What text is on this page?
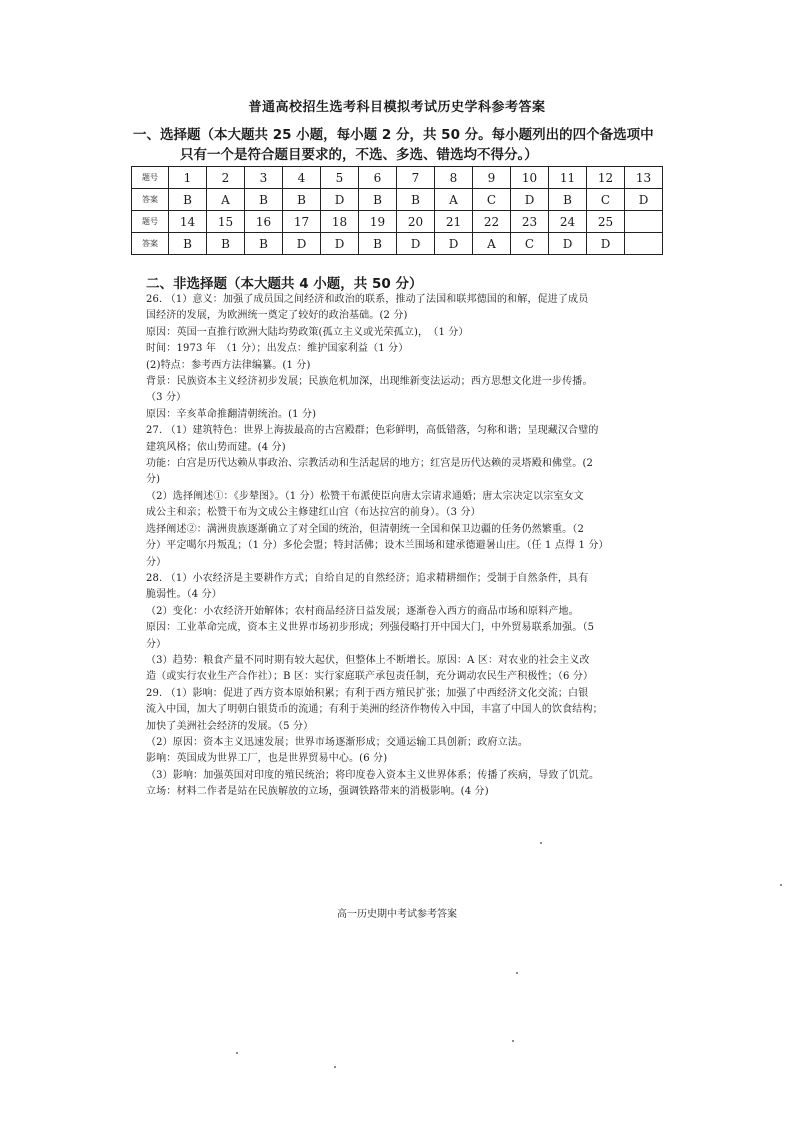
普通高校招生选考科目模拟考试历史学科参考答案
一、选择题（本大题共 25 小题，每小题 2 分，共 50 分。每小题列出的四个备选项中
只有一个是符合题目要求的，不选、多选、错选均不得分。）
题号	1	2	3	4	5	6	7	8	9	10	11	12	13
答案	B	A	B	B	D	B	B	A	C	D	B	C	D
题号	14	15	16	17	18	19	20	21	22	23	24	25	
答案	B	B	B	D	D	B	D	D	A	C	D	D	
二、非选择题（本大题共 4 小题，共 50 分）

26. （1）意义：加强了成员国之间经济和政治的联系，推动了法国和联邦德国的和解，促进了成员

国经济的发展，为欧洲统一奠定了较好的政治基础。(2 分)

原因：英国一直推行欧洲大陆均势政策(孤立主义或光荣孤立)，　（1 分）

时间：1973 年　（1 分）；出发点：维护国家利益（1 分）

(2)特点：参考西方法律编纂。(1 分)

背景：民族资本主义经济初步发展；民族危机加深，出现维新变法运动；西方思想文化进一步传播。

（3 分）

原因：辛亥革命推翻清朝统治。(1 分)

27. （1）建筑特色：世界上海拔最高的古宫殿群；色彩鲜明，高低错落，匀称和谐；呈现藏汉合璧的

建筑风格；依山势而建。(4 分)

功能：白宫是历代达赖从事政治、宗教活动和生活起居的地方；红宫是历代达赖的灵塔殿和佛堂。(2

分)

（2）选择阐述①：《步辇图》。（1 分）松赞干布派使臣向唐太宗请求通婚；唐太宗决定以宗室女文

成公主和亲；松赞干布为文成公主修建红山宫（布达拉宫的前身）。（3 分）

选择阐述②：满洲贵族逐渐确立了对全国的统治，但清朝统一全国和保卫边疆的任务仍然繁重。（2

分）平定噶尔丹叛乱；（1 分）多伦会盟；特封活佛；设木兰围场和建承德避暑山庄。（任 1 点得 1 分）

分）

28. （1）小农经济是主要耕作方式；自给自足的自然经济；追求精耕细作；受制于自然条件，具有

脆弱性。（4 分）

（2）变化：小农经济开始解体；农村商品经济日益发展；逐渐卷入西方的商品市场和原料产地。

原因：工业革命完成，资本主义世界市场初步形成；列强侵略打开中国大门，中外贸易联系加强。（5

分）

（3）趋势：粮食产量不同时期有较大起伏，但整体上不断增长。原因：A 区：对农业的社会主义改

造（或实行农业生产合作社）；B 区：实行家庭联产承包责任制，充分调动农民生产积极性；（6 分）

29. （1）影响：促进了西方资本原始积累；有利于西方殖民扩张；加强了中西经济文化交流；白银

流入中国，加大了明朝白银货币的流通；有利于美洲的经济作物传入中国，丰富了中国人的饮食结构；

加快了美洲社会经济的发展。（5 分）

（2）原因：资本主义迅速发展；世界市场逐渐形成；交通运输工具创新；政府立法。

影响：英国成为世界工厂，也是世界贸易中心。(6 分)

（3）影响：加强英国对印度的殖民统治；将印度卷入资本主义世界体系；传播了疾病，导致了饥荒。

立场：材料二作者是站在民族解放的立场，强调铁路带来的消极影响。(4 分)

高一历史期中考试参考答案
